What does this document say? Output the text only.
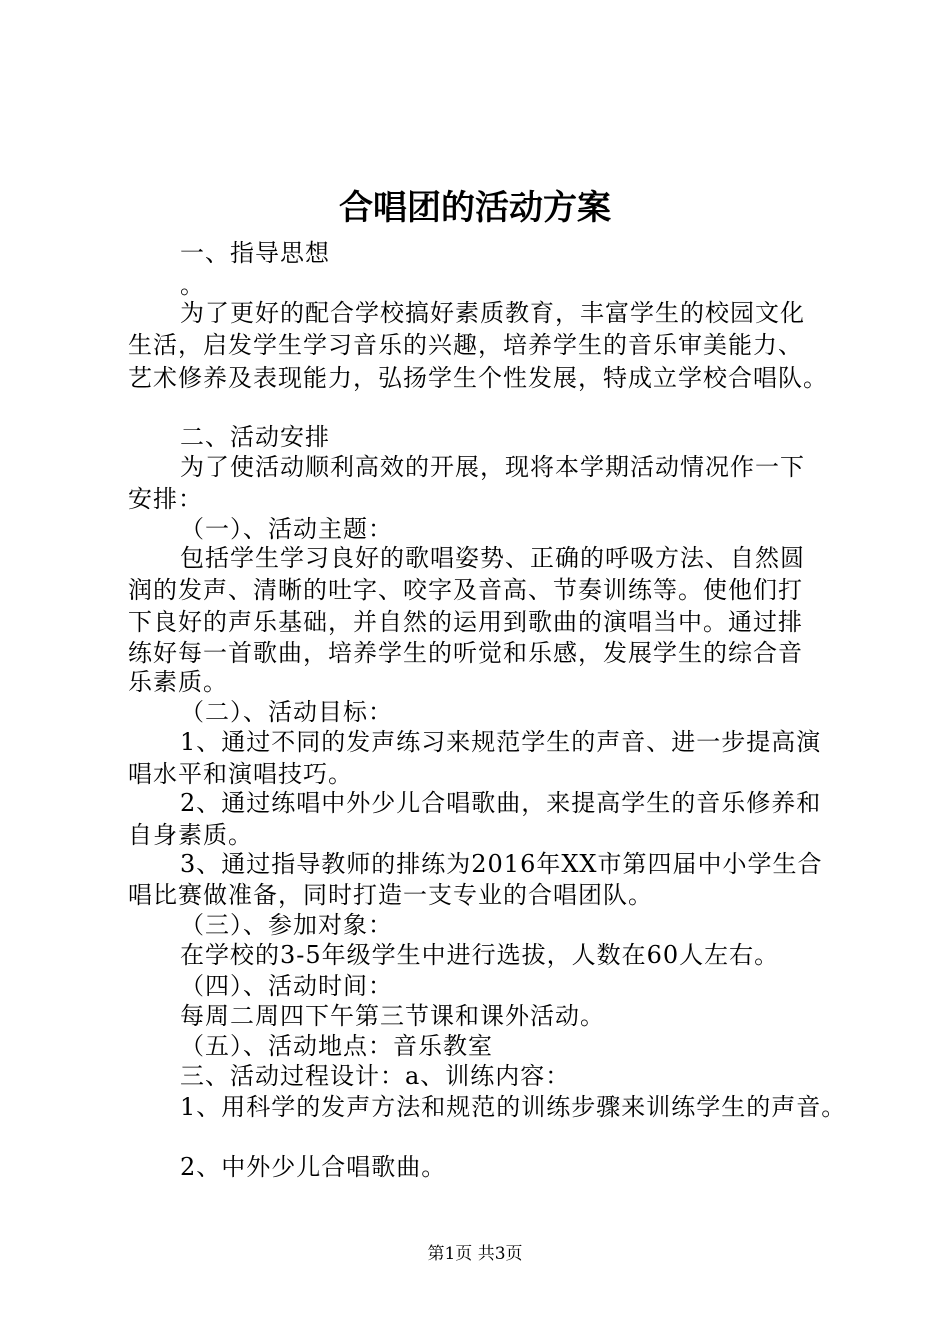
合唱团的活动方案
一、指导思想
。
为了更好的配合学校搞好素质教育，丰富学生的校园文化
生活，启发学生学习音乐的兴趣，培养学生的音乐审美能力、
艺术修养及表现能力，弘扬学生个性发展，特成立学校合唱队。
二、活动安排
为了使活动顺利高效的开展，现将本学期活动情况作一下
安排：
（一）、活动主题：
包括学生学习良好的歌唱姿势、正确的呼吸方法、自然圆
润的发声、清晰的吐字、咬字及音高、节奏训练等。使他们打
下良好的声乐基础，并自然的运用到歌曲的演唱当中。通过排
练好每一首歌曲，培养学生的听觉和乐感，发展学生的综合音
乐素质。
（二）、活动目标：
1、通过不同的发声练习来规范学生的声音、进一步提高演
唱水平和演唱技巧。
2、通过练唱中外少儿合唱歌曲，来提高学生的音乐修养和
自身素质。
3、通过指导教师的排练为2016年XX市第四届中小学生合
唱比赛做准备，同时打造一支专业的合唱团队。
（三）、参加对象：
在学校的3-5年级学生中进行选拔，人数在60人左右。
（四）、活动时间：
每周二周四下午第三节课和课外活动。
（五）、活动地点：音乐教室
三、活动过程设计：a、训练内容：
1、用科学的发声方法和规范的训练步骤来训练学生的声音。
2、中外少儿合唱歌曲。
第1页 共3页
